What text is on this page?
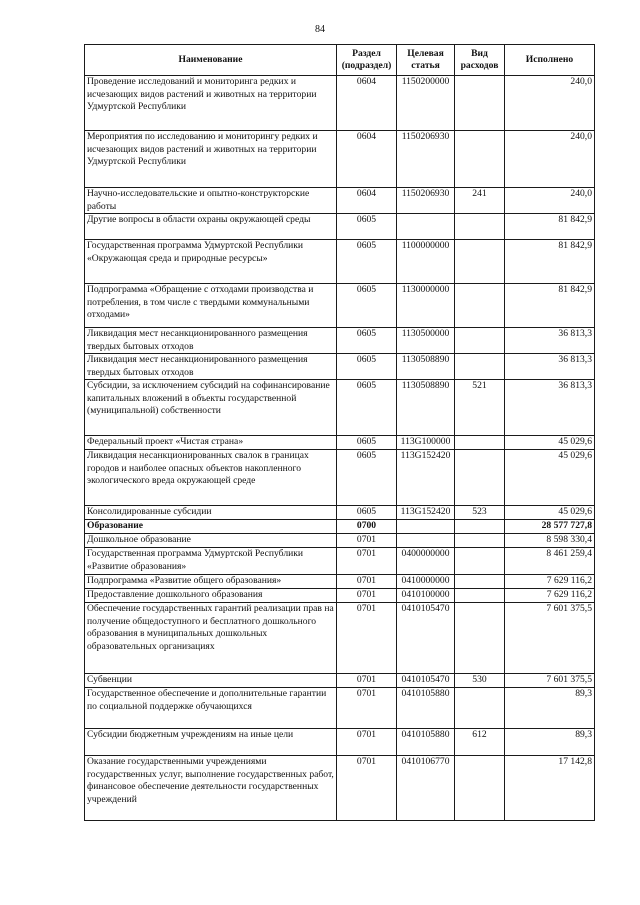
84
Наименование	Раздел (подраздел)	Целевая статья	Вид расходов	Исполнено
Проведение исследований и мониторинга редких и исчезающих видов растений и животных на территории Удмуртской Республики	0604	1150200000		240,0
Мероприятия по исследованию и мониторингу редких и исчезающих видов растений и животных на территории Удмуртской Республики	0604	1150206930		240,0
Научно-исследовательские и опытно-конструкторские работы	0604	1150206930	241	240,0
Другие вопросы в области охраны окружающей среды	0605			81 842,9
Государственная программа Удмуртской Республики «Окружающая среда и природные ресурсы»	0605	1100000000		81 842,9
Подпрограмма «Обращение с отходами производства и потребления, в том числе с твердыми коммунальными отходами»	0605	1130000000		81 842,9
Ликвидация мест несанкционированного размещения твердых бытовых отходов	0605	1130500000		36 813,3
Ликвидация мест несанкционированного размещения твердых бытовых отходов	0605	1130508890		36 813,3
Субсидии, за исключением субсидий на софинансирование капитальных вложений в объекты государственной (муниципальной) собственности	0605	1130508890	521	36 813,3
Федеральный проект «Чистая страна»	0605	113G100000		45 029,6
Ликвидация несанкционированных свалок в границах городов и наиболее опасных объектов накопленного экологического вреда окружающей среде	0605	113G152420		45 029,6
Консолидированные субсидии	0605	113G152420	523	45 029,6
Образование	0700			28 577 727,8
Дошкольное образование	0701			8 598 330,4
Государственная программа Удмуртской Республики «Развитие образования»	0701	0400000000		8 461 259,4
Подпрограмма «Развитие общего образования»	0701	0410000000		7 629 116,2
Предоставление дошкольного образования	0701	0410100000		7 629 116,2
Обеспечение государственных гарантий реализации прав на получение общедоступного и бесплатного дошкольного образования в муниципальных дошкольных образовательных организациях	0701	0410105470		7 601 375,5
Субвенции	0701	0410105470	530	7 601 375,5
Государственное обеспечение и дополнительные гарантии по социальной поддержке обучающихся	0701	0410105880		89,3
Субсидии бюджетным учреждениям на иные цели	0701	0410105880	612	89,3
Оказание государственными учреждениями государственных услуг, выполнение государственных работ, финансовое обеспечение деятельности государственных учреждений	0701	0410106770		17 142,8
